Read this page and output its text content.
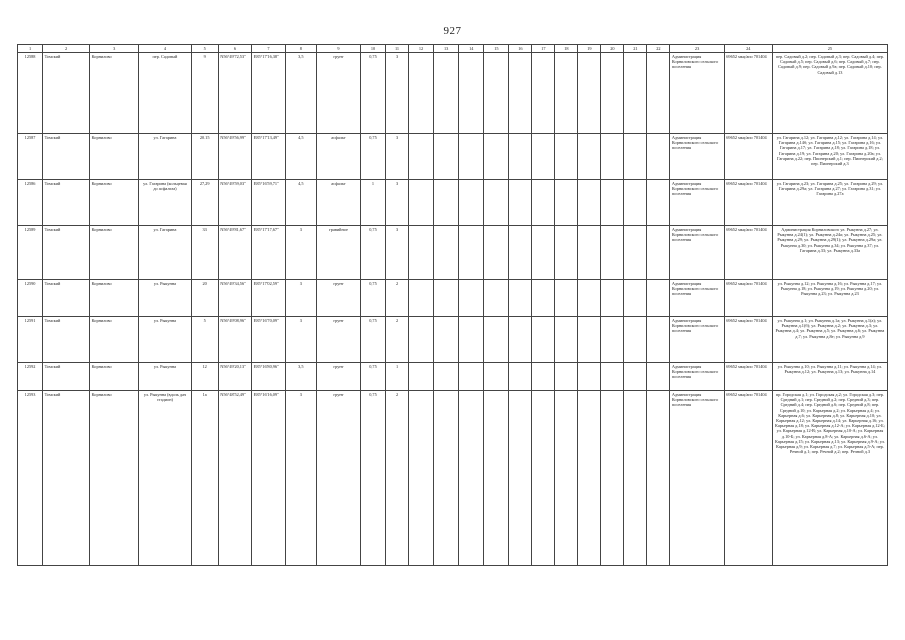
927
1	2	3	4	5	6	7	8	9	10	11	12	13	14	15	16	17	18	19	20	21	22	23	24	25
12588	Томский	Корнилово	пер. Садовый	9	N56°49'72,53"	E85°17'16,38"	3,5	грунт	0,75	3												Администрация Корниловского сельского поселения	69652 мкц/апо 701404	пер. Садовый д.2; пер. Садовый д.3; пер. Садовый д.4; пер. Садовый д.5; пер. Садовый д.6; пер. Садовый д.7; пер. Садовый д.9; пер. Садовый д.9а; пер. Садовый д.10; пер. Садовый д.13
12587	Томский	Корнилово	ул. Гагарина	20.15	N56°49'56,99"	E85°17'13,49"	4,5	асфальт	0,75	3												Администрация Корниловского сельского поселения	69652 мкц/апо 701404	ул. Гагарина д.12; ул. Гагарина д.12; ул. Гагарина д.14; ул. Гагарина д.14б; ул. Гагарина д.15; ул. Гагарина д.16; ул. Гагарина д.17; ул. Гагарина д.18; ул. Гагарина д.18; ул. Гагарина д.19; ул. Гагарина д.20; ул. Гагарина д.20а; ул. Гагарина д.22; пер. Пионерский д.1; пер. Пионерский д.2; пер. Пионерский д.3
12586	Томский	Корнилово	ул. Гагарина (кольцевая до асфальта)	27,29	N56°49'59,03"	E85°16'59,71"	4,5	асфальт	1	3												Администрация Корниловского сельского поселения	69652 мкц/апо 701404	ул. Гагарина д.23; ул. Гагарина д.25; ул. Гагарина д.29; ул. Гагарина д.29а; ул. Гагарина д.27; ул. Гагарина д.31; ул. Гагарина д.27а
12589	Томский	Корнилово	ул. Гагарина	33	N56°49'81,67"	E85°17'17,67"	3	гравийное	0,75	3												Администрация Корниловского сельского поселения	69652 мкц/апо 701404	Администрация Корниловского ул. Рыкунна д.27; ул. Рыкунна д.24(1); ул. Рыкунна д.24а; ул. Рыкунна д.25; ул. Рыкунна д.29; ул. Рыкунна д.29(1); ул. Рыкунна д.29а; ул. Рыкунна д.30; ул. Рыкунна д.34; ул. Рыкунна д.37; ул. Гагарина д.33; ул. Рыкунна д.33а
12590	Томский	Корнилово	ул. Рыкунна	20	N56°49'34,56"	E85°17'02,59"	3	грунт	0,75	2												Администрация Корниловского сельского поселения	69652 мкц/апо 701404	ул. Рыкунна д.12; ул. Рыкунна д.16; ул. Рыкунна д.17; ул. Рыкунна д.18; ул. Рыкунна д.19; ул. Рыкунна д.20; ул. Рыкунна д.23; ул. Рыкунна д.23
12591	Томский	Корнилово	ул. Рыкунна	5	N56°49'08,96"	E85°16'70,09"	3	грунт	0,75	2												Администрация Корниловского сельского поселения	69652 мкц/апо 701404	ул. Рыкунна д.1; ул. Рыкунна д.1а; ул. Рыкунна д.1(а); ул. Рыкунна д.1(б); ул. Рыкунна д.2; ул. Рыкунна д.3; ул. Рыкунна д.4; ул. Рыкунна д.5; ул. Рыкунна д.6; ул. Рыкунна д.7; ул. Рыкунна д.8е; ул. Рыкунна д.9
12592	Томский	Корнилово	ул. Рыкунна	12	N56°49'20,13"	E85°16'80,96"	3,5	грунт	0,75	1												Администрация Корниловского сельского поселения	69652 мкц/апо 701404	ул. Рыкунна д.10; ул. Рыкунна д.11; ул. Рыкунна д.14; ул. Рыкунна д.12; ул. Рыкунна д.13; ул. Рыкунна д.14
12593	Томский	Корнилово	ул. Рыкунна (вдоль дач стадион)	1а	N56°48'52,49"	E85°16'16,09"	3	грунт	0,75	2												Администрация Корниловского сельского поселения	69652 мкц/апо 701404	пр. Городская д.1; ул. Городская д.2; ул. Городская д.3; пер. Средний д.1; пер. Средний д.2; пер. Средний д.3; пер. Средний д.4; пер. Средний д.6; пер. Средний д.8; пер. Средний д.10; ул. Карьерная д.2; ул. Карьерная д.4; ул. Карьерная д.6; ул. Карьерная д.8; ул. Карьерная д.10; ул. Карьерная д.12; ул. Карьерная д.14; ул. Карьерная д.16; ул. Карьерная д.18; ул. Карьерная д.12-А; ул. Карьерная д.12-Б; ул. Карьерная д.12-В; ул. Карьерная д.10-А; ул. Карьерная д.10-Б; ул. Карьерная д.8-А; ул. Карьерная д.6-А; ул. Карьерная д.15; ул. Карьерная д.13; ул. Карьерная д.9-А; ул. Карьерная д.9; ул. Карьерная д.7; ул. Карьерная д.5-А; пер. Речной д.1; пер. Речной д.2; пер. Речной д.3
